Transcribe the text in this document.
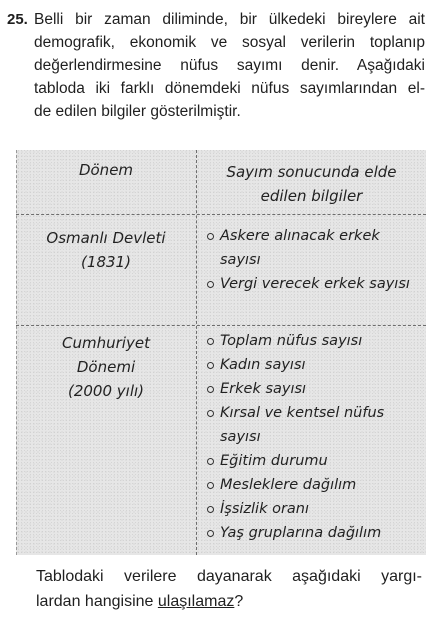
25. Belli bir zaman diliminde, bir ülkedeki bireylere ait
demografik, ekonomik ve sosyal verilerin toplanıp
değerlendirmesine nüfus sayımı denir. Aşağıdaki
tabloda iki farklı dönemdeki nüfus sayımlarından el-
de edilen bilgiler gösterilmiştir.
Dönem	Sayım sonucunda elde
edilen bilgiler
Osmanlı Devleti
(1831)
Askere alınacak erkek sayısı
Vergi verecek erkek sayısı
Cumhuriyet
Dönemi
(2000 yılı)
Toplam nüfus sayısı
Kadın sayısı
Erkek sayısı
Kırsal ve kentsel nüfus sayısı
Eğitim durumu
Mesleklere dağılım
İşsizlik oranı
Yaş gruplarına dağılım
Tablodaki verilere dayanarak aşağıdaki yargı-
lardan hangisine ulaşılamaz?
